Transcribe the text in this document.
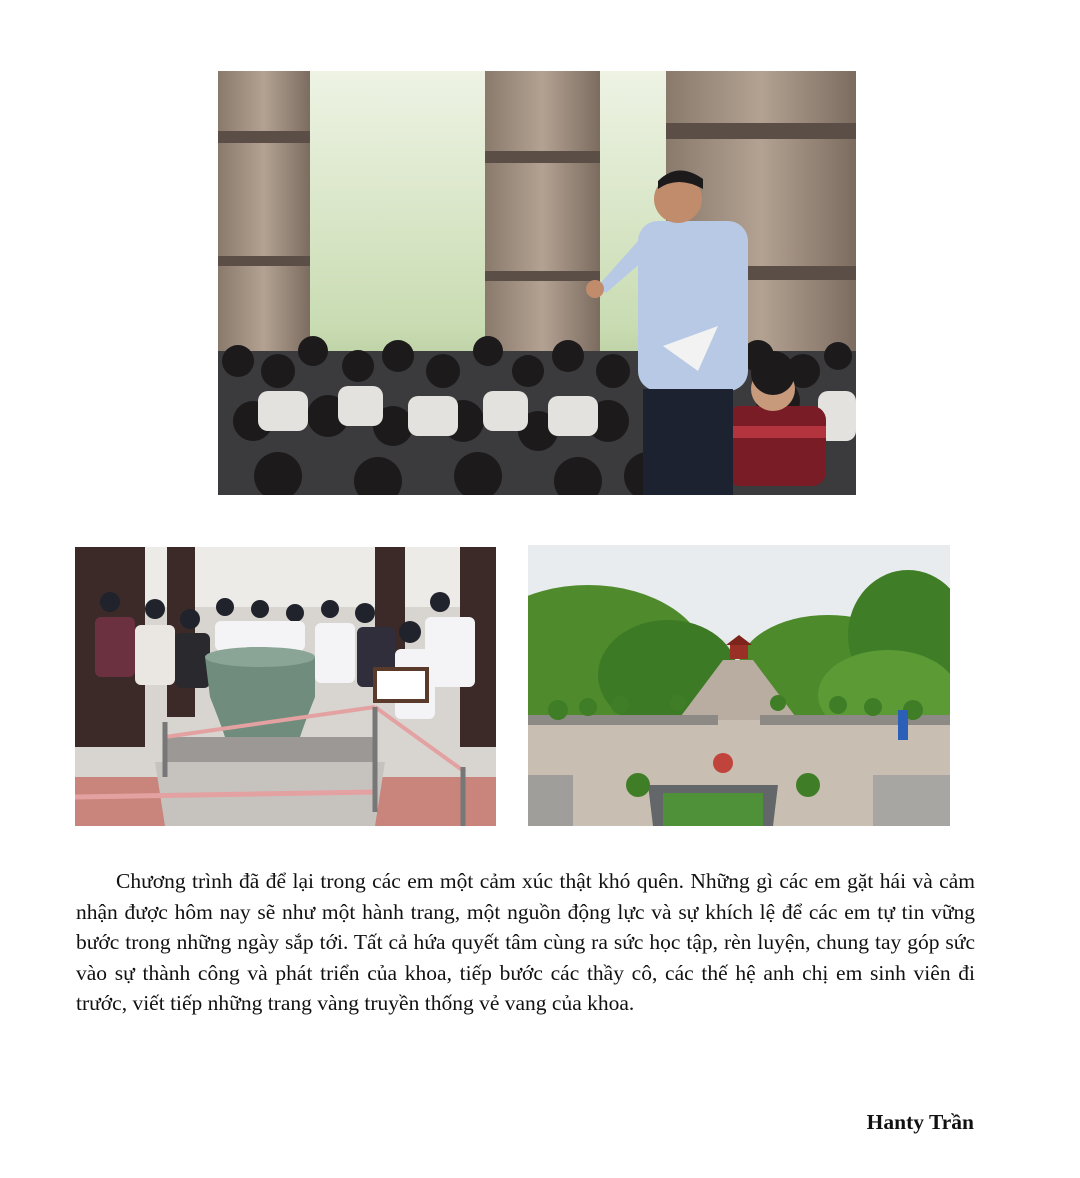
Chương trình đã để lại trong các em một cảm xúc thật khó quên. Những gì các em gặt hái và cảm nhận được hôm nay sẽ như một hành trang, một nguồn động lực và sự khích lệ để các em tự tin vững bước trong những ngày sắp tới. Tất cả hứa quyết tâm cùng ra sức học tập, rèn luyện, chung tay góp sức vào sự thành công và phát triển của khoa, tiếp bước các thầy cô, các thế hệ anh chị em sinh viên đi trước, viết tiếp những trang vàng truyền thống vẻ vang của khoa.

Hanty Trần
